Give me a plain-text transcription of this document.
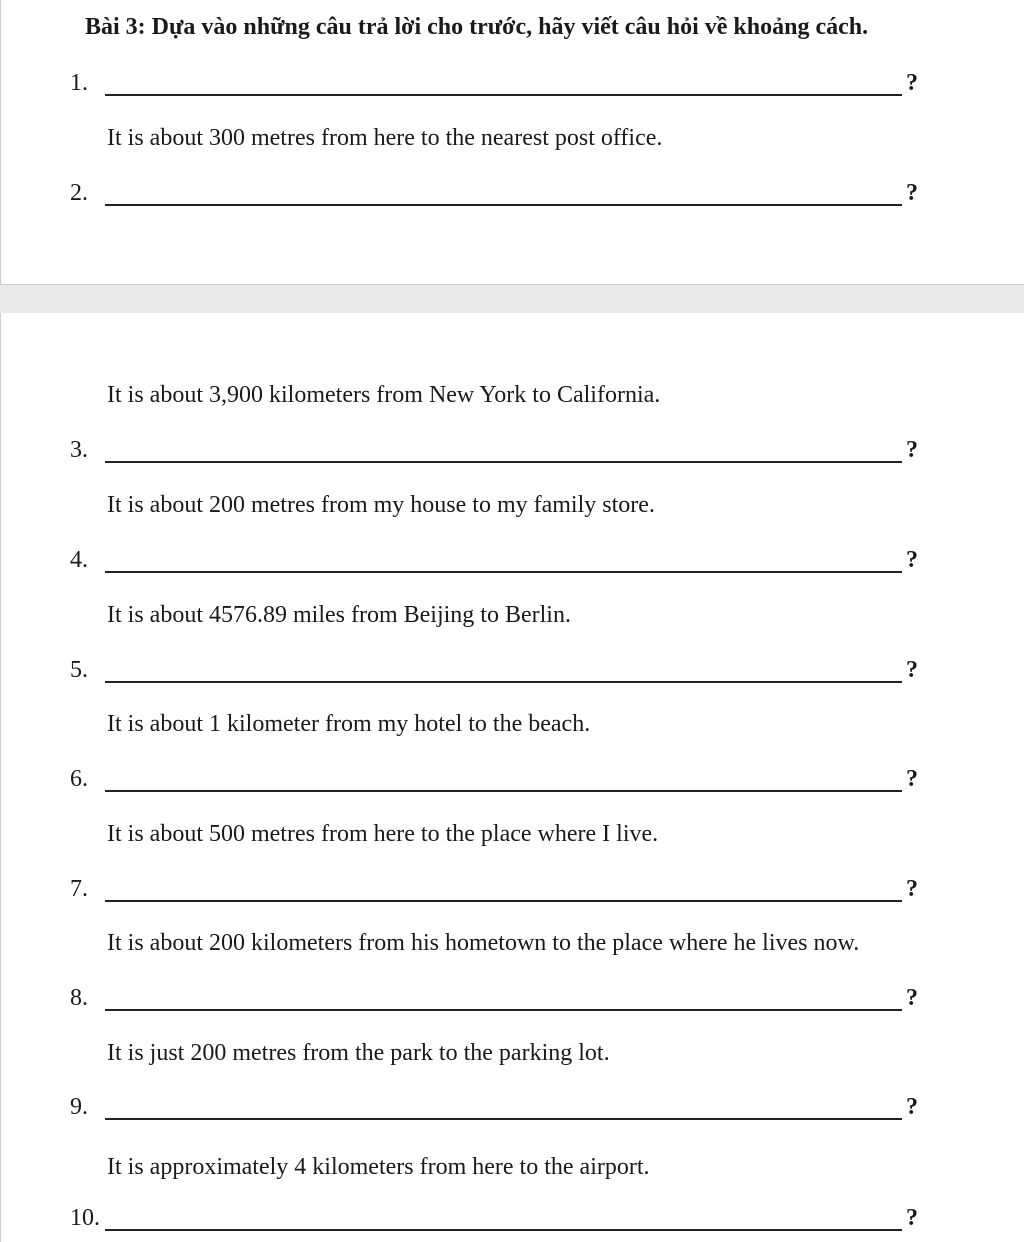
Bài 3: Dựa vào những câu trả lời cho trước, hãy viết câu hỏi về khoảng cách.
1.	?
It is about 300 metres from here to the nearest post office.
2.	?
It is about 3,900 kilometers from New York to California.
3.	?
It is about 200 metres from my house to my family store.
4.	?
It is about 4576.89 miles from Beijing to Berlin.
5.	?
It is about 1 kilometer from my hotel to the beach.
6.	?
It is about 500 metres from here to the place where I live.
7.	?
It is about 200 kilometers from his hometown to the place where he lives now.
8.	?
It is just 200 metres from the park to the parking lot.
9.	?
It is approximately 4 kilometers from here to the airport.
10.	?
